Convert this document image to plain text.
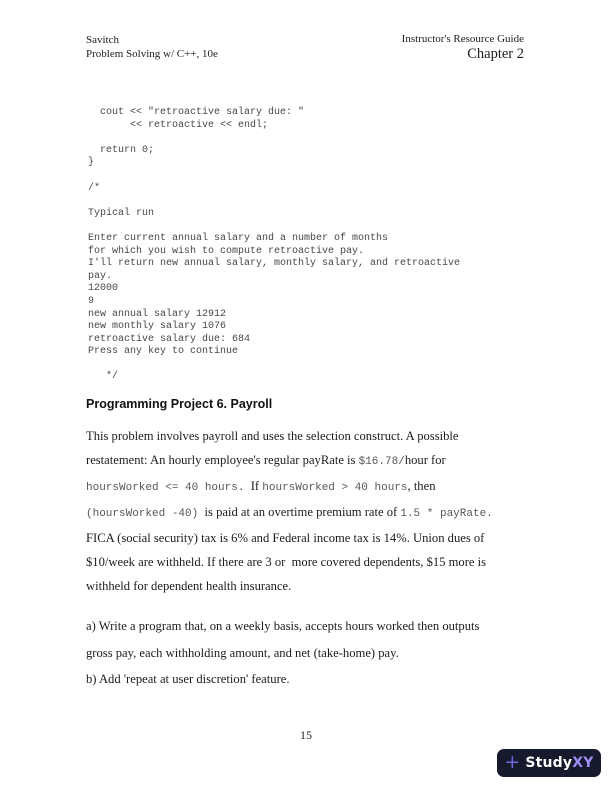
Savitch
Problem Solving w/ C++, 10e
Instructor's Resource Guide
Chapter 2
cout << "retroactive salary due: "
<< retroactive << endl;

return 0;
}

/*

Typical run

Enter current annual salary and a number of months
for which you wish to compute retroactive pay.
I'll return new annual salary, monthly salary, and retroactive
pay.
12000
9
new annual salary 12912
new monthly salary 1076
retroactive salary due: 684
Press any key to continue

*/
Programming Project 6. Payroll
This problem involves payroll and uses the selection construct. A possible
restatement: An hourly employee's regular payRate is $16.78/hour for
hoursWorked <= 40 hours.  If hoursWorked > 40 hours, then
(hoursWorked -40)  is paid at an overtime premium rate of 1.5 * payRate.
FICA (social security) tax is 6% and Federal income tax is 14%. Union dues of
$10/week are withheld. If there are 3 or  more covered dependents, $15 more is
withheld for dependent health insurance.
a) Write a program that, on a weekly basis, accepts hours worked then outputs
gross pay, each withholding amount, and net (take-home) pay.
b) Add 'repeat at user discretion' feature.
15
+ Study XY
